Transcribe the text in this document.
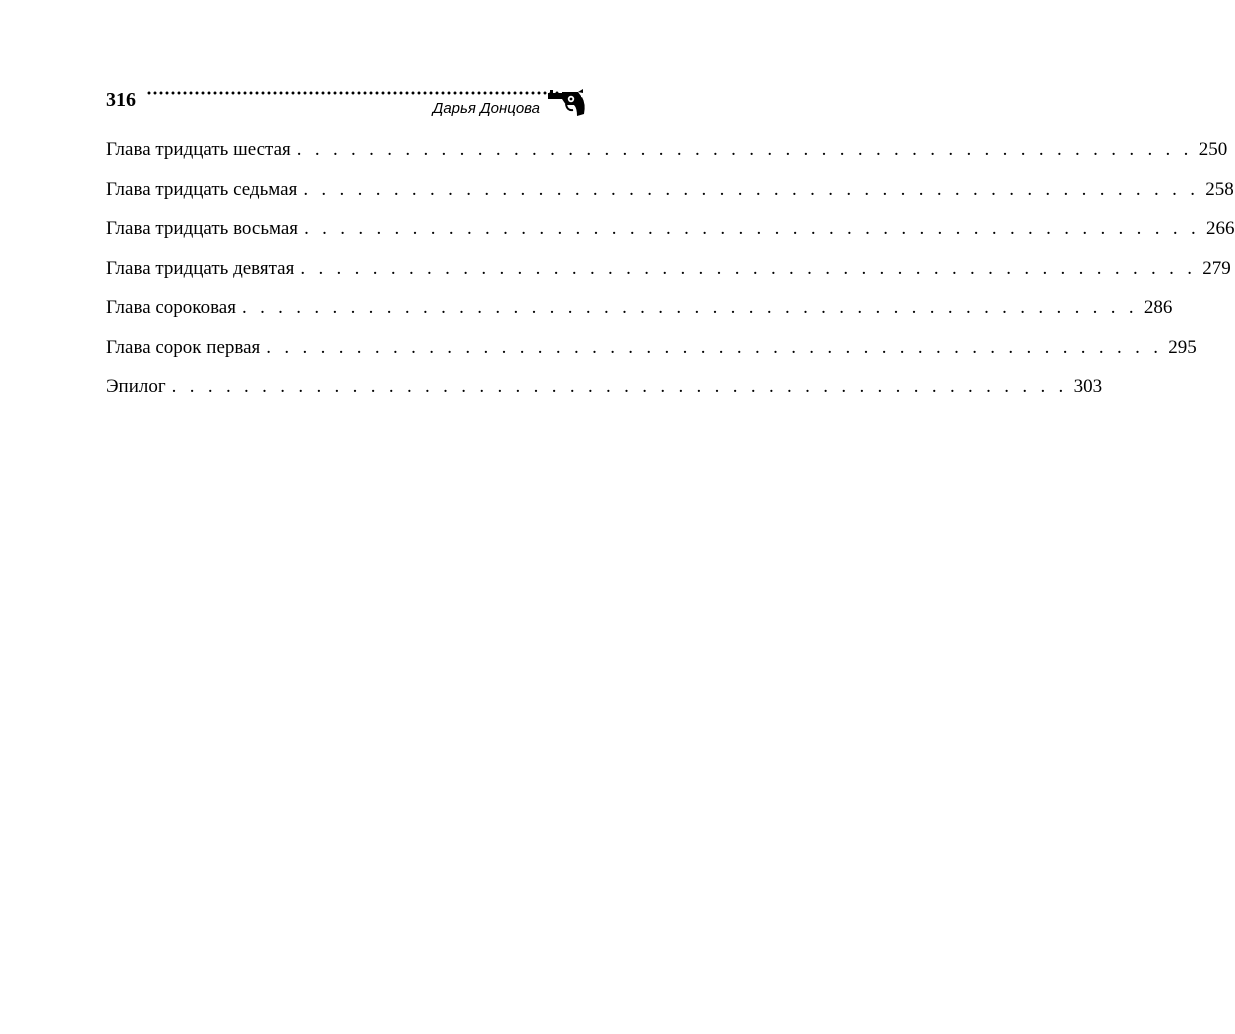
316	Дарья Донцова
Глава тридцать шестая . . . . . . . . . . . . . . . . . . . . . . . . . . . . . . . . . . . . . . . . . . . . . . . . . . 250
Глава тридцать седьмая . . . . . . . . . . . . . . . . . . . . . . . . . . . . . . . . . . . . . . . . . . . . . . . . . . 258
Глава тридцать восьмая . . . . . . . . . . . . . . . . . . . . . . . . . . . . . . . . . . . . . . . . . . . . . . . . . . 266
Глава тридцать девятая . . . . . . . . . . . . . . . . . . . . . . . . . . . . . . . . . . . . . . . . . . . . . . . . . . 279
Глава сороковая . . . . . . . . . . . . . . . . . . . . . . . . . . . . . . . . . . . . . . . . . . . . . . . . . . 286
Глава сорок первая . . . . . . . . . . . . . . . . . . . . . . . . . . . . . . . . . . . . . . . . . . . . . . . . . . 295
Эпилог . . . . . . . . . . . . . . . . . . . . . . . . . . . . . . . . . . . . . . . . . . . . . . . . . . 303
